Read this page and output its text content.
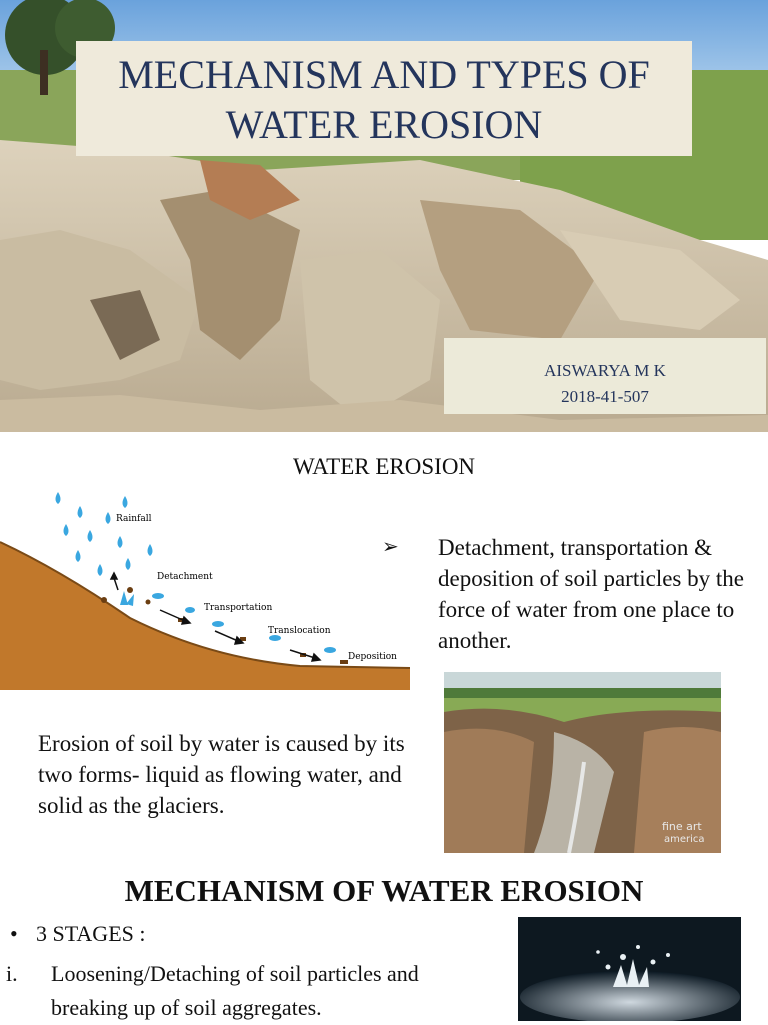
MECHANISM AND TYPES OF
WATER EROSION
AISWARYA M K
2018-41-507
WATER EROSION
Rainfall
Detachment
Transportation
Translocation
Deposition
➢ Detachment, transportation & deposition of soil particles by the force of water from one place to another.
Erosion of soil by water is caused by its two forms- liquid as flowing water, and solid as the glaciers.
fine art
america
MECHANISM OF WATER EROSION
• 3 STAGES :
i. Loosening/Detaching of soil particles and
breaking up of soil aggregates.
